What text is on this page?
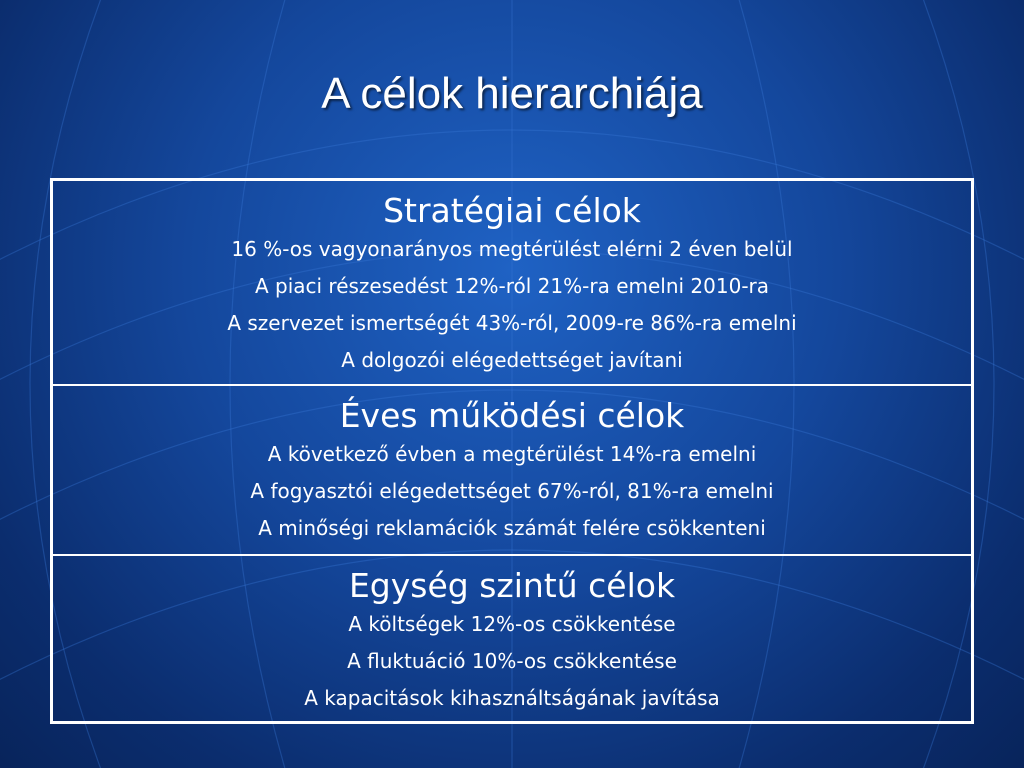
A célok hierarchiája
Stratégiai célok
16 %-os vagyonarányos megtérülést elérni 2 éven belül
A piaci részesedést 12%-ról 21%-ra emelni 2010-ra
A szervezet ismertségét 43%-ról, 2009-re 86%-ra emelni
A dolgozói elégedettséget javítani
Éves működési célok
A következő évben a megtérülést 14%-ra emelni
A fogyasztói elégedettséget 67%-ról, 81%-ra emelni
A minőségi reklamációk számát felére csökkenteni
Egység szintű célok
A költségek 12%-os csökkentése
A fluktuáció 10%-os csökkentése
A kapacitások kihasználtságának javítása
